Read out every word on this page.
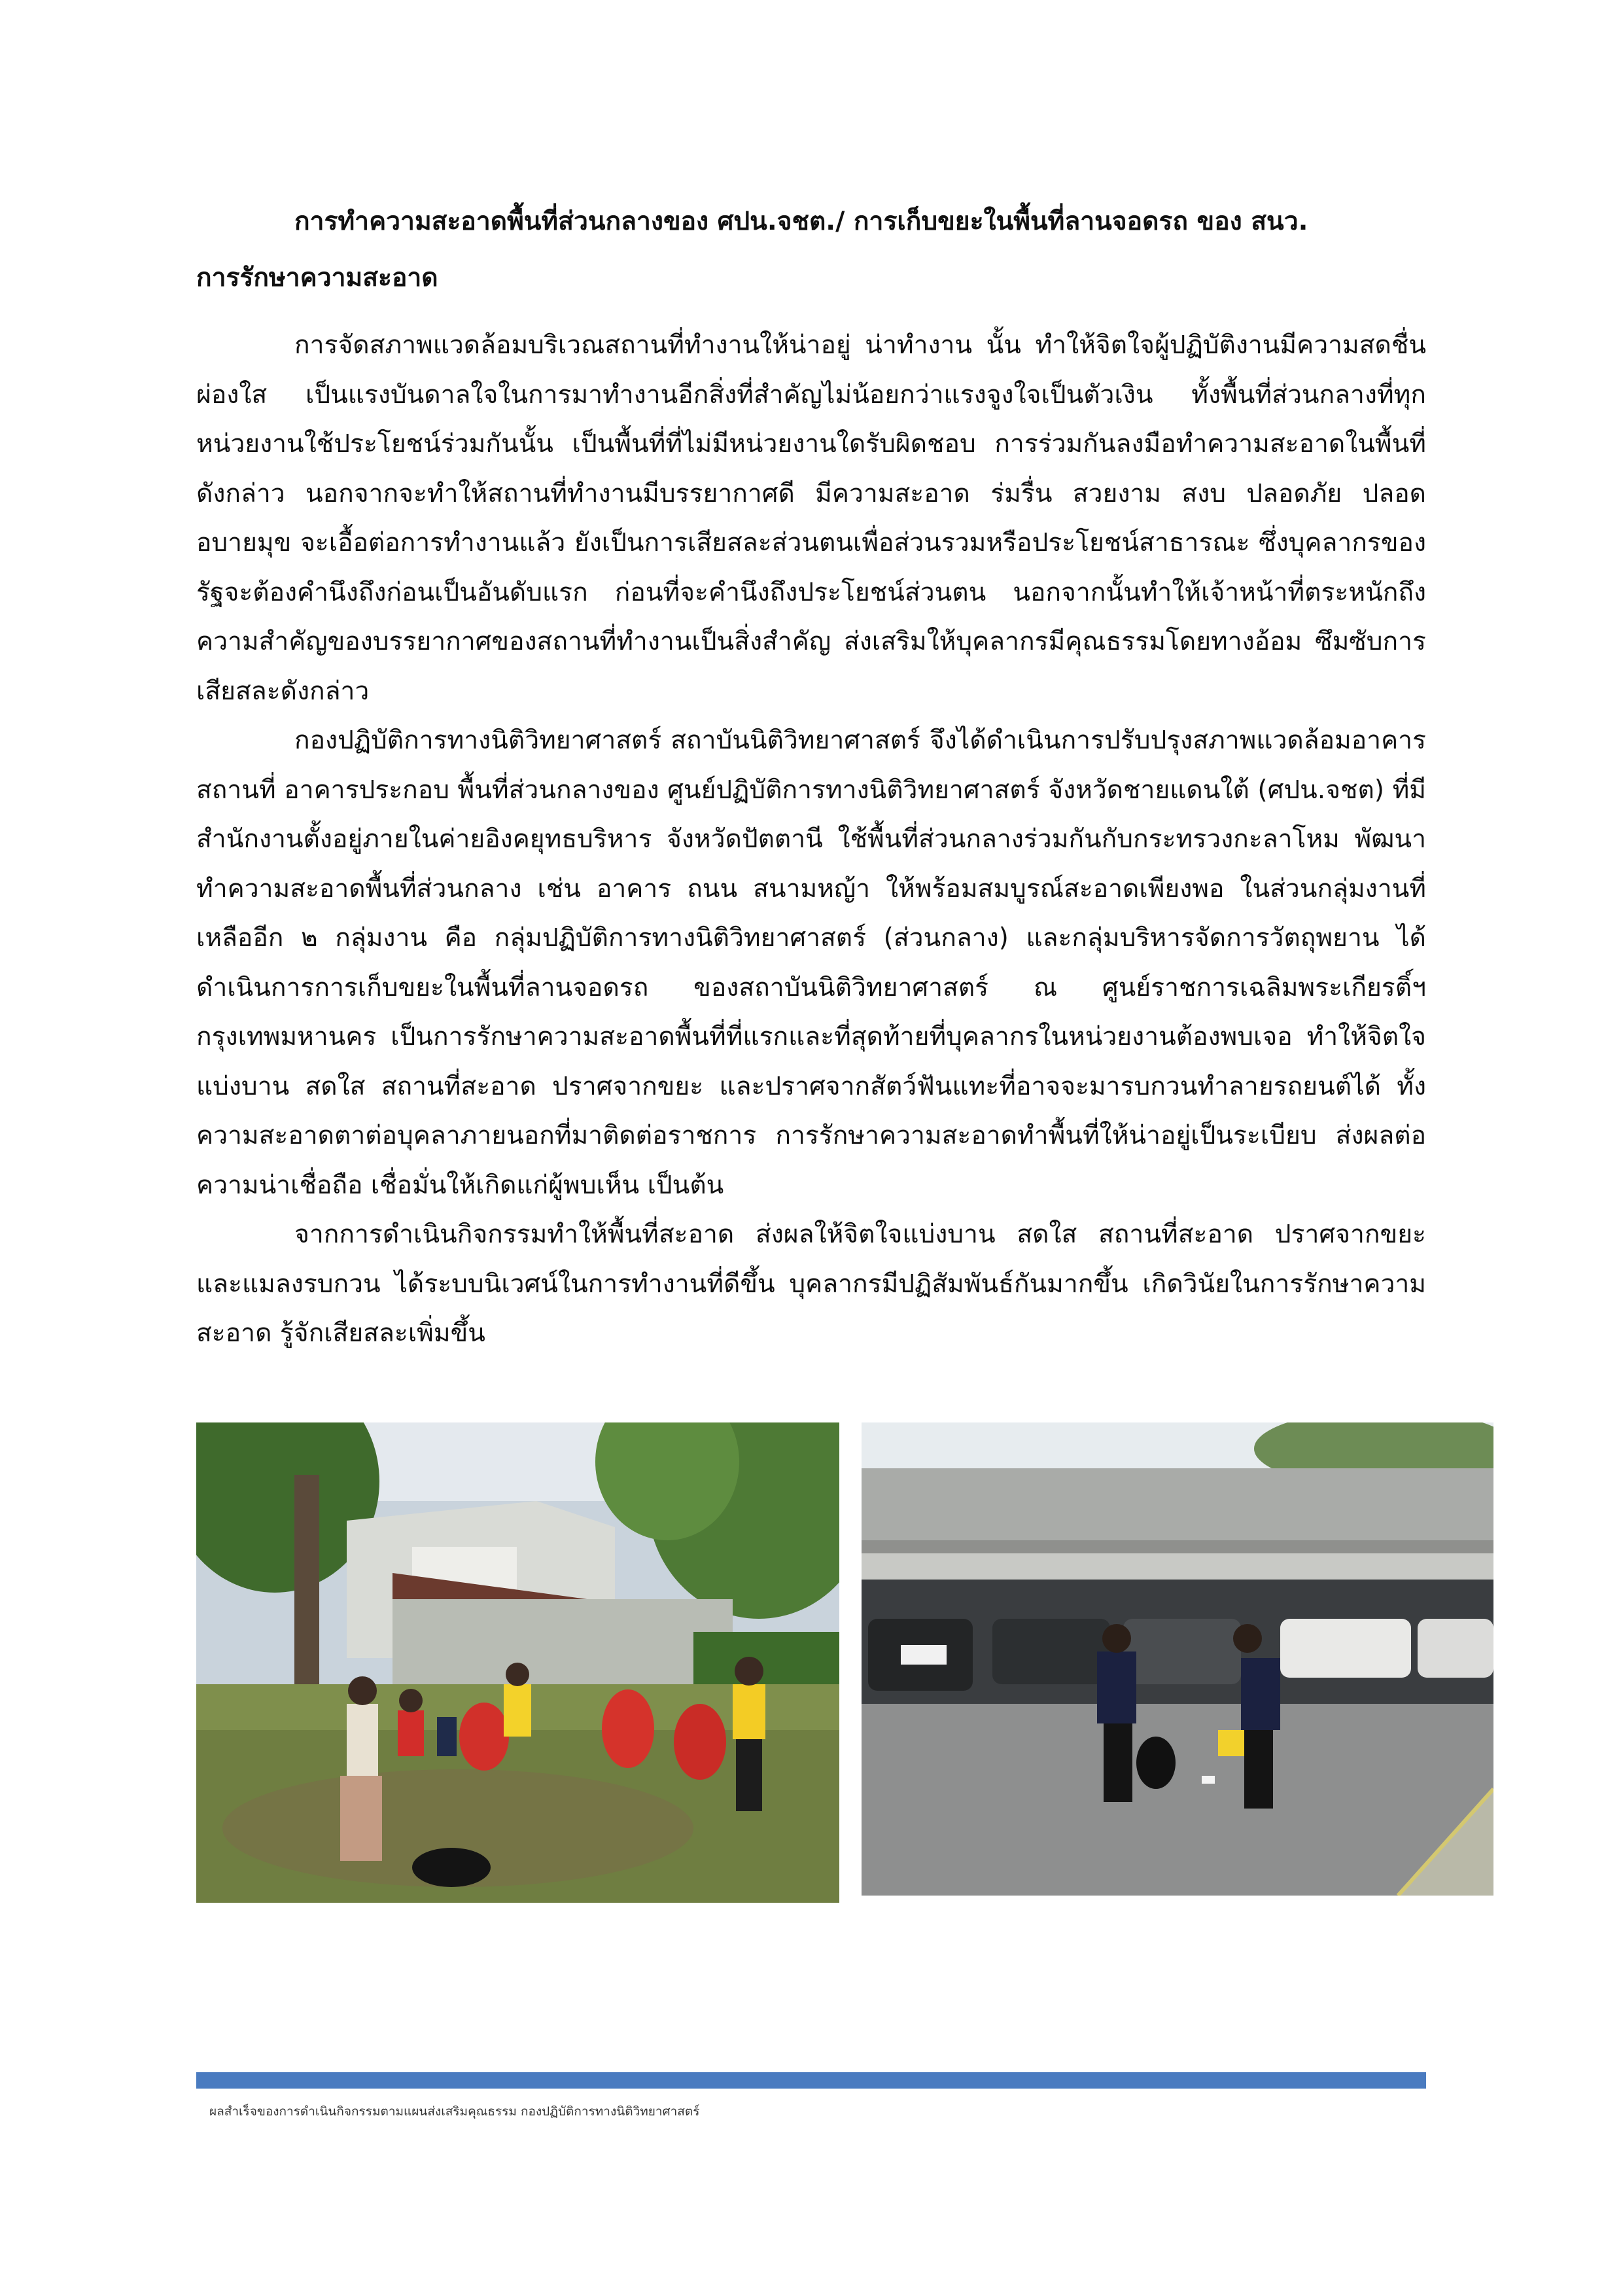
การทำความสะอาดพื้นที่ส่วนกลางของ ศปน.จชต./ การเก็บขยะในพื้นที่ลานจอดรถ ของ สนว.
การรักษาความสะอาด

การจัดสภาพแวดล้อมบริเวณสถานที่ทำงานให้น่าอยู่ น่าทำงาน นั้น ทำให้จิตใจผู้ปฏิบัติงานมีความสดชื่น ผ่องใส เป็นแรงบันดาลใจในการมาทำงานอีกสิ่งที่สำคัญไม่น้อยกว่าแรงจูงใจเป็นตัวเงิน ทั้งพื้นที่ส่วนกลางที่ทุกหน่วยงานใช้ประโยชน์ร่วมกันนั้น เป็นพื้นที่ที่ไม่มีหน่วยงานใดรับผิดชอบ การร่วมกันลงมือทำความสะอาดในพื้นที่ดังกล่าว นอกจากจะทำให้สถานที่ทำงานมีบรรยากาศดี มีความสะอาด ร่มรื่น สวยงาม สงบ ปลอดภัย ปลอดอบายมุข จะเอื้อต่อการทำงานแล้ว ยังเป็นการเสียสละส่วนตนเพื่อส่วนรวมหรือประโยชน์สาธารณะ ซึ่งบุคลากรของรัฐจะต้องคำนึงถึงก่อนเป็นอันดับแรก ก่อนที่จะคำนึงถึงประโยชน์ส่วนตน นอกจากนั้นทำให้เจ้าหน้าที่ตระหนักถึงความสำคัญของบรรยากาศของสถานที่ทำงานเป็นสิ่งสำคัญ ส่งเสริมให้บุคลากรมีคุณธรรมโดยทางอ้อม ซึมซับการเสียสละดังกล่าว

กองปฏิบัติการทางนิติวิทยาศาสตร์ สถาบันนิติวิทยาศาสตร์ จึงได้ดำเนินการปรับปรุงสภาพแวดล้อมอาคารสถานที่ อาคารประกอบ พื้นที่ส่วนกลางของ ศูนย์ปฏิบัติการทางนิติวิทยาศาสตร์ จังหวัดชายแดนใต้ (ศปน.จชต) ที่มีสำนักงานตั้งอยู่ภายในค่ายอิงคยุทธบริหาร จังหวัดปัตตานี ใช้พื้นที่ส่วนกลางร่วมกันกับกระทรวงกะลาโหม พัฒนา ทำความสะอาดพื้นที่ส่วนกลาง เช่น อาคาร ถนน สนามหญ้า ให้พร้อมสมบูรณ์สะอาดเพียงพอ ในส่วนกลุ่มงานที่เหลืออีก ๒ กลุ่มงาน คือ กลุ่มปฏิบัติการทางนิติวิทยาศาสตร์ (ส่วนกลาง) และกลุ่มบริหารจัดการวัตถุพยาน ได้ดำเนินการการเก็บขยะในพื้นที่ลานจอดรถ ของสถาบันนิติวิทยาศาสตร์ ณ ศูนย์ราชการเฉลิมพระเกียรติ์ฯ กรุงเทพมหานคร เป็นการรักษาความสะอาดพื้นที่ที่แรกและที่สุดท้ายที่บุคลากรในหน่วยงานต้องพบเจอ ทำให้จิตใจแบ่งบาน สดใส สถานที่สะอาด ปราศจากขยะ และปราศจากสัตว์ฟันแทะที่อาจจะมารบกวนทำลายรถยนต์ได้ ทั้งความสะอาดตาต่อบุคลาภายนอกที่มาติดต่อราชการ การรักษาความสะอาดทำพื้นที่ให้น่าอยู่เป็นระเบียบ ส่งผลต่อความน่าเชื่อถือ เชื่อมั่นให้เกิดแก่ผู้พบเห็น เป็นต้น

จากการดำเนินกิจกรรมทำให้พื้นที่สะอาด ส่งผลให้จิตใจแบ่งบาน สดใส สถานที่สะอาด ปราศจากขยะ และแมลงรบกวน ได้ระบบนิเวศน์ในการทำงานที่ดีขึ้น บุคลากรมีปฏิสัมพันธ์กันมากขึ้น เกิดวินัยในการรักษาความสะอาด รู้จักเสียสละเพิ่มขึ้น

ผลสำเร็จของการดำเนินกิจกรรมตามแผนส่งเสริมคุณธรรม กองปฏิบัติการทางนิติวิทยาศาสตร์
